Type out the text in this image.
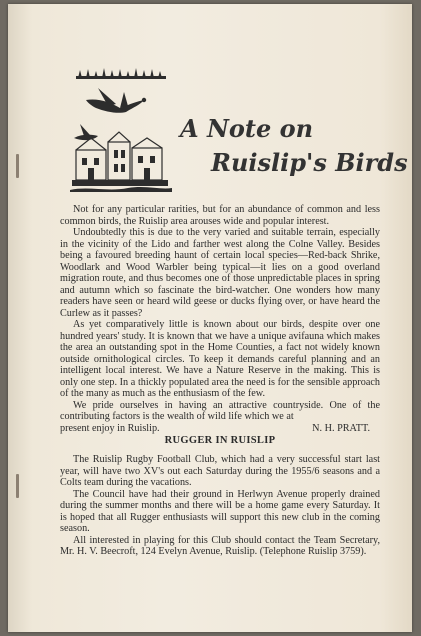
A Note on
Ruislip's Birds

Not for any particular rarities, but for an abundance of common and less common birds, the Ruislip area arouses wide and popular interest.

Undoubtedly this is due to the very varied and suitable terrain, especially in the vicinity of the Lido and farther west along the Colne Valley. Besides being a favoured breeding haunt of certain local species—Red-back Shrike, Woodlark and Wood Warbler being typical—it lies on a good overland migration route, and thus becomes one of those unpredictable places in spring and autumn which so fascinate the bird-watcher. One wonders how many readers have seen or heard wild geese or ducks flying over, or have heard the Curlew as it passes?

As yet comparatively little is known about our birds, despite over one hundred years' study. It is known that we have a unique avifauna which makes the area an outstanding spot in the Home Counties, a fact not widely known outside ornithological circles. To keep it demands careful planning and an intelligent local interest. We have a Nature Reserve in the making. This is only one step. In a thickly populated area the need is for the sensible approach of the many as much as the enthusiasm of the few.

We pride ourselves in having an attractive countryside. One of the contributing factors is the wealth of wild life which we at

present enjoy in Ruislip.	N. H. PRATT.
RUGGER IN RUISLIP

The Ruislip Rugby Football Club, which had a very successful start last year, will have two XV's out each Saturday during the 1955/6 seasons and a Colts team during the vacations.

The Council have had their ground in Herlwyn Avenue properly drained during the summer months and there will be a home game every Saturday. It is hoped that all Rugger enthusiasts will support this new club in the coming season.

All interested in playing for this Club should contact the Team Secretary, Mr. H. V. Beecroft, 124 Evelyn Avenue, Ruislip. (Telephone Ruislip 3759).
